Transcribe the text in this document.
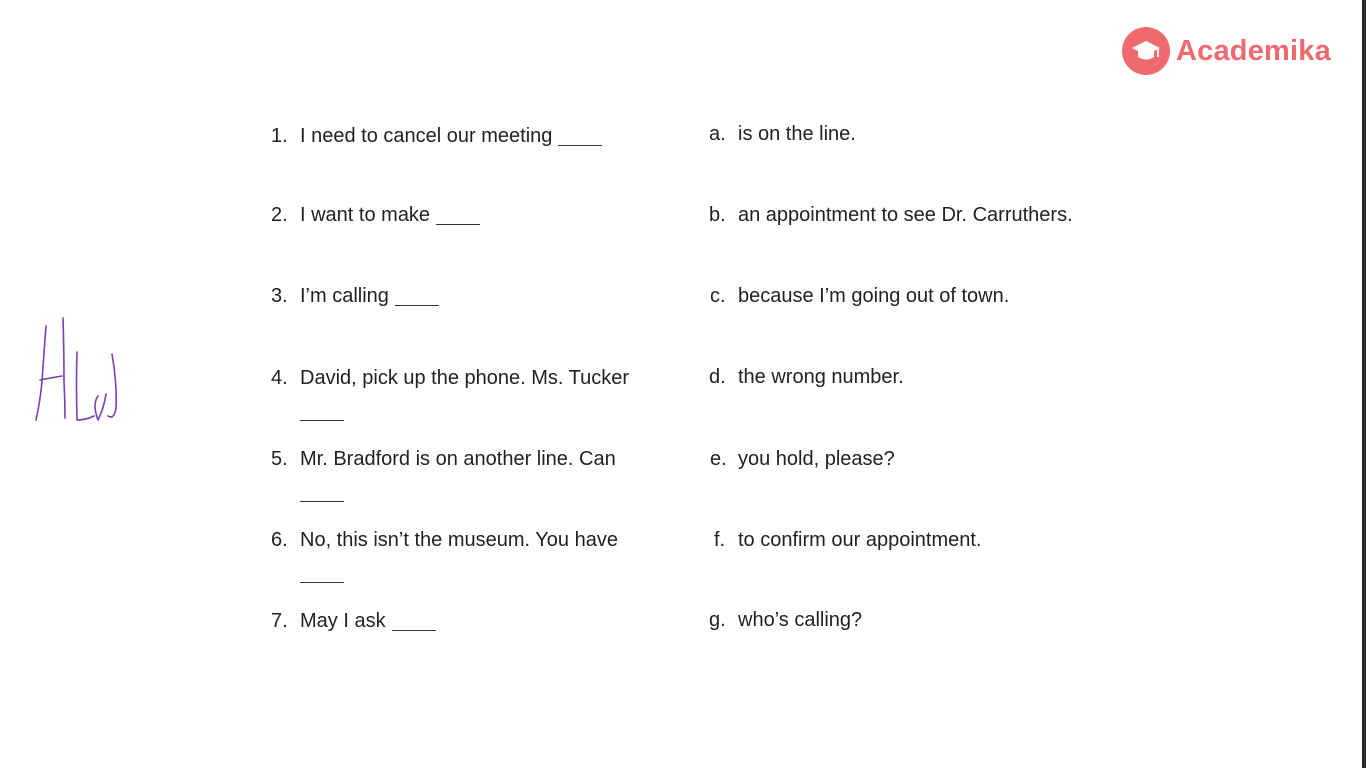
Academika
1. I need to cancel our meeting
2. I want to make
3. I’m calling
4. David, pick up the phone. Ms. Tucker
5. Mr. Bradford is on another line. Can
6. No, this isn’t the museum. You have
7. May I ask
a. is on the line.
b. an appointment to see Dr. Carruthers.
c. because I’m going out of town.
d. the wrong number.
e. you hold, please?
f. to confirm our appointment.
g. who’s calling?
